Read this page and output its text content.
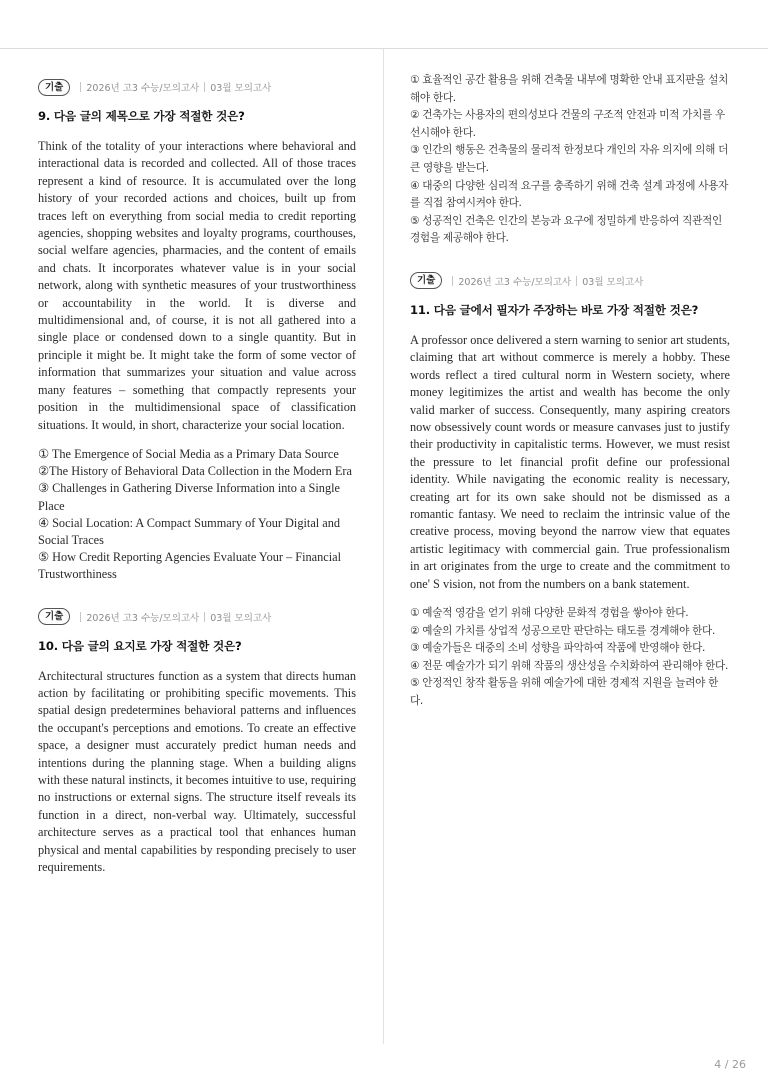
기출	2026년 고3 수능/모의고사 03월 모의고사

9. 다음 글의 제목으로 가장 적절한 것은?

Think of the totality of your interactions where behavioral and interactional data is recorded and collected. All of those traces represent a kind of resource. It is accumulated over the long history of your recorded actions and choices, built up from traces left on everything from social media to credit reporting agencies, shopping websites and loyalty programs, courthouses, social welfare agencies, pharmacies, and the content of emails and chats. It incorporates whatever value is in your social network, along with synthetic measures of your trustworthiness or accountability in the world. It is diverse and multidimensional and, of course, it is not all gathered into a single place or condensed down to a single quantity. But in principle it might be. It might take the form of some vector of information that summarizes your situation and value across many features – something that compactly represents your position in the multidimensional space of classification situations. It would, in short, characterize your social location.

① The Emergence of Social Media as a Primary Data Source

②The History of Behavioral Data Collection in the Modern Era

③ Challenges in Gathering Diverse Information into a Single Place

④ Social Location: A Compact Summary of Your Digital and Social Traces

⑤ How Credit Reporting Agencies Evaluate Your – Financial Trustworthiness

기출	2026년 고3 수능/모의고사 03월 모의고사

10. 다음 글의 요지로 가장 적절한 것은?

Architectural structures function as a system that directs human action by facilitating or prohibiting specific movements. This spatial design predetermines behavioral patterns and influences the occupant's perceptions and emotions. To create an effective space, a designer must accurately predict human needs and intentions during the planning stage. When a building aligns with these natural instincts, it becomes intuitive to use, requiring no instructions or external signs. The structure itself reveals its function in a direct, non-verbal way. Ultimately, successful architecture serves as a practical tool that enhances human physical and mental capabilities by responding precisely to user requirements.

① 효율적인 공간 활용을 위해 건축물 내부에 명확한 안내 표지판을 설치해야 한다.

② 건축가는 사용자의 편의성보다 건물의 구조적 안전과 미적 가치를 우선시해야 한다.

③ 인간의 행동은 건축물의 물리적 한정보다 개인의 자유 의지에 의해 더 큰 영향을 받는다.

④ 대중의 다양한 심리적 요구를 충족하기 위해 건축 설계 과정에 사용자를 직접 참여시켜야 한다.

⑤ 성공적인 건축은 인간의 본능과 요구에 정밀하게 반응하여 직관적인 경험을 제공해야 한다.

기출	2026년 고3 수능/모의고사 03월 모의고사

11. 다음 글에서 필자가 주장하는 바로 가장 적절한 것은?

A professor once delivered a stern warning to senior art students, claiming that art without commerce is merely a hobby. These words reflect a tired cultural norm in Western society, where money legitimizes the artist and wealth has become the only valid marker of success. Consequently, many aspiring creators now obsessively count words or measure canvases just to justify their productivity in capitalistic terms. However, we must resist the pressure to let financial profit define our professional identity. While navigating the economic reality is necessary, creating art for its own sake should not be dismissed as a romantic fantasy. We need to reclaim the intrinsic value of the creative process, moving beyond the narrow view that equates artistic legitimacy with commercial gain. True professionalism in art originates from the urge to create and the commitment to one' S vision, not from the numbers on a bank statement.

① 예술적 영감을 얻기 위해 다양한 문화적 경험을 쌓아야 한다.

② 예술의 가치를 상업적 성공으로만 판단하는 태도를 경계해야 한다.

③ 예술가들은 대중의 소비 성향을 파악하여 작품에 반영해야 한다.

④ 전문 예술가가 되기 위해 작품의 생산성을 수치화하여 관리해야 한다.

⑤ 안정적인 창작 활동을 위해 예술가에 대한 경제적 지원을 늘려야 한다.

4 / 26
